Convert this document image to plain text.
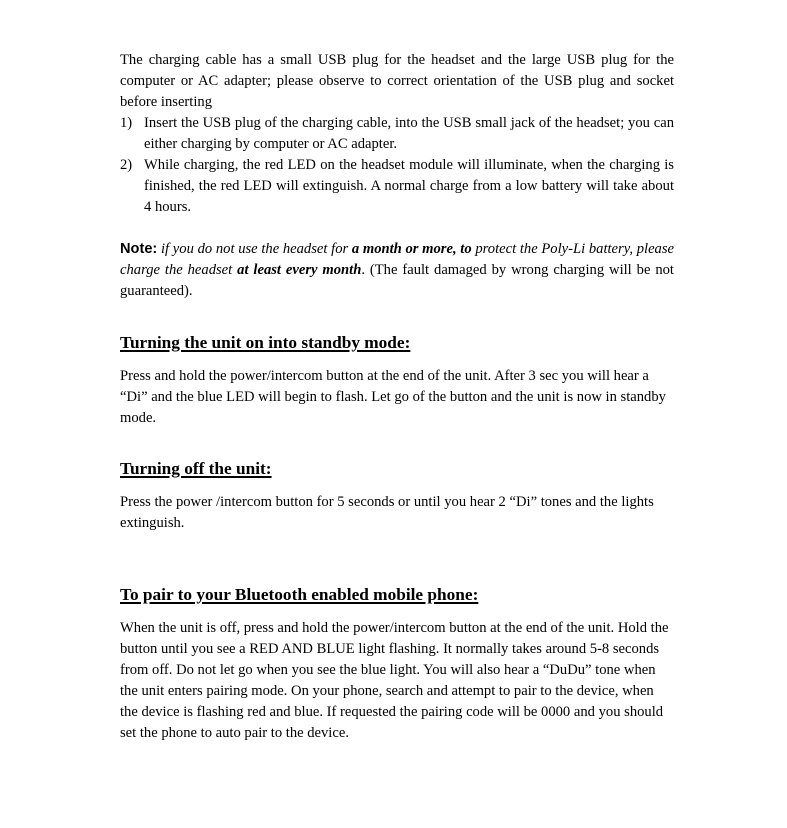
The charging cable has a small USB plug for the headset and the large USB plug for the computer or AC adapter; please observe to correct orientation of the USB plug and socket before inserting

1) Insert the USB plug of the charging cable, into the USB small jack of the headset; you can either charging by computer or AC adapter.
2) While charging, the red LED on the headset module will illuminate, when the charging is finished, the red LED will extinguish. A normal charge from a low battery will take about 4 hours.

Note: if you do not use the headset for a month or more, to protect the Poly-Li battery, please charge the headset at least every month. (The fault damaged by wrong charging will be not guaranteed).

Turning the unit on into standby mode:

Press and hold the power/intercom button at the end of the unit. After 3 sec you will hear a “Di” and the blue LED will begin to flash. Let go of the button and the unit is now in standby mode.

Turning off the unit:

Press the power /intercom button for 5 seconds or until you hear 2 “Di” tones and the lights extinguish.

To pair to your Bluetooth enabled mobile phone:

When the unit is off, press and hold the power/intercom button at the end of the unit. Hold the button until you see a RED AND BLUE light flashing. It normally takes around 5-8 seconds from off. Do not let go when you see the blue light. You will also hear a “DuDu” tone when the unit enters pairing mode. On your phone, search and attempt to pair to the device, when the device is flashing red and blue. If requested the pairing code will be 0000 and you should set the phone to auto pair to the device.
